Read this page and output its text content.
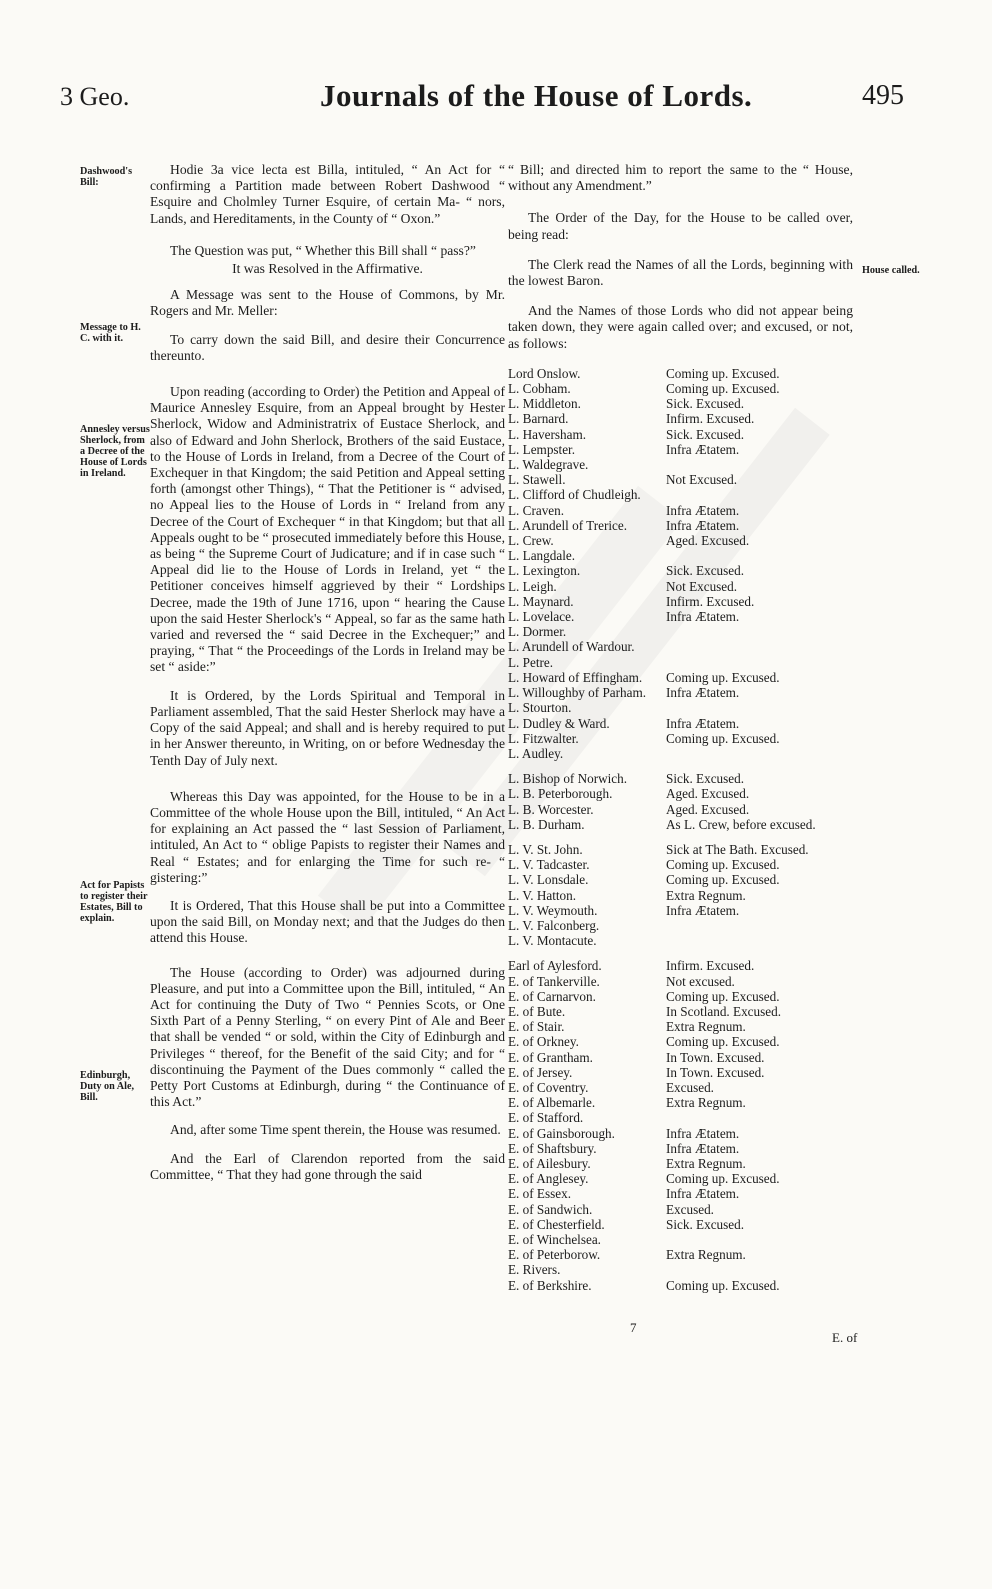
3 Geo.	Journals of the House of Lords.	495
Dashwood's Bill:
Message to H. C. with it.
Annesley versus Sherlock, from a Decree of the House of Lords in Ireland.
Act for Papists to register their Estates, Bill to explain.
Edinburgh, Duty on Ale, Bill.

Hodie 3a vice lecta est Billa, intituled, “ An Act for “ confirming a Partition made between Robert Dashwood “ Esquire and Cholmley Turner Esquire, of certain Ma- “ nors, Lands, and Hereditaments, in the County of “ Oxon.”

The Question was put, “ Whether this Bill shall “ pass?”

It was Resolved in the Affirmative.

A Message was sent to the House of Commons, by Mr. Rogers and Mr. Meller:

To carry down the said Bill, and desire their Concurrence thereunto.

Upon reading (according to Order) the Petition and Appeal of Maurice Annesley Esquire, from an Appeal brought by Hester Sherlock, Widow and Administratrix of Eustace Sherlock, and also of Edward and John Sherlock, Brothers of the said Eustace, to the House of Lords in Ireland, from a Decree of the Court of Exchequer in that Kingdom; the said Petition and Appeal setting forth (amongst other Things), “ That the Petitioner is “ advised, no Appeal lies to the House of Lords in “ Ireland from any Decree of the Court of Exchequer “ in that Kingdom; but that all Appeals ought to be “ prosecuted immediately before this House, as being “ the Supreme Court of Judicature; and if in case such “ Appeal did lie to the House of Lords in Ireland, yet “ the Petitioner conceives himself aggrieved by their “ Lordships Decree, made the 19th of June 1716, upon “ hearing the Cause upon the said Hester Sherlock's “ Appeal, so far as the same hath varied and reversed the “ said Decree in the Exchequer;” and praying, “ That “ the Proceedings of the Lords in Ireland may be set “ aside:”

It is Ordered, by the Lords Spiritual and Temporal in Parliament assembled, That the said Hester Sherlock may have a Copy of the said Appeal; and shall and is hereby required to put in her Answer thereunto, in Writing, on or before Wednesday the Tenth Day of July next.

Whereas this Day was appointed, for the House to be in a Committee of the whole House upon the Bill, intituled, “ An Act for explaining an Act passed the “ last Session of Parliament, intituled, An Act to “ oblige Papists to register their Names and Real “ Estates; and for enlarging the Time for such re- “ gistering:”

It is Ordered, That this House shall be put into a Committee upon the said Bill, on Monday next; and that the Judges do then attend this House.

The House (according to Order) was adjourned during Pleasure, and put into a Committee upon the Bill, intituled, “ An Act for continuing the Duty of Two “ Pennies Scots, or One Sixth Part of a Penny Sterling, “ on every Pint of Ale and Beer that shall be vended “ or sold, within the City of Edinburgh and Privileges “ thereof, for the Benefit of the said City; and for “ discontinuing the Payment of the Dues commonly “ called the Petty Port Customs at Edinburgh, during “ the Continuance of this Act.”

And, after some Time spent therein, the House was resumed.

And the Earl of Clarendon reported from the said Committee, “ That they had gone through the said

House called.

“ Bill; and directed him to report the same to the “ House, without any Amendment.”

The Order of the Day, for the House to be called over, being read:

The Clerk read the Names of all the Lords, beginning with the lowest Baron.

And the Names of those Lords who did not appear being taken down, they were again called over; and excused, or not, as follows:

Lord Onslow.	Coming up. Excused.
L. Cobham.	Coming up. Excused.
L. Middleton.	Sick. Excused.
L. Barnard.	Infirm. Excused.
L. Haversham.	Sick. Excused.
L. Lempster.	Infra Ætatem.
L. Waldegrave.	
L. Stawell.	Not Excused.
L. Clifford of Chudleigh.	
L. Craven.	Infra Ætatem.
L. Arundell of Trerice.	Infra Ætatem.
L. Crew.	Aged. Excused.
L. Langdale.	
L. Lexington.	Sick. Excused.
L. Leigh.	Not Excused.
L. Maynard.	Infirm. Excused.
L. Lovelace.	Infra Ætatem.
L. Dormer.	
L. Arundell of Wardour.	
L. Petre.	
L. Howard of Effingham.	Coming up. Excused.
L. Willoughby of Parham.	Infra Ætatem.
L. Stourton.	
L. Dudley & Ward.	Infra Ætatem.
L. Fitzwalter.	Coming up. Excused.
L. Audley.	

L. Bishop of Norwich.	Sick. Excused.
L. B. Peterborough.	Aged. Excused.
L. B. Worcester.	Aged. Excused.
L. B. Durham.	As L. Crew, before excused.

L. V. St. John.	Sick at The Bath. Excused.
L. V. Tadcaster.	Coming up. Excused.
L. V. Lonsdale.	Coming up. Excused.
L. V. Hatton.	Extra Regnum.
L. V. Weymouth.	Infra Ætatem.
L. V. Falconberg.	
L. V. Montacute.	

Earl of Aylesford.	Infirm. Excused.
E. of Tankerville.	Not excused.
E. of Carnarvon.	Coming up. Excused.
E. of Bute.	In Scotland. Excused.
E. of Stair.	Extra Regnum.
E. of Orkney.	Coming up. Excused.
E. of Grantham.	In Town. Excused.
E. of Jersey.	In Town. Excused.
E. of Coventry.	Excused.
E. of Albemarle.	Extra Regnum.
E. of Stafford.	
E. of Gainsborough.	Infra Ætatem.
E. of Shaftsbury.	Infra Ætatem.
E. of Ailesbury.	Extra Regnum.
E. of Anglesey.	Coming up. Excused.
E. of Essex.	Infra Ætatem.
E. of Sandwich.	Excused.
E. of Chesterfield.	Sick. Excused.
E. of Winchelsea.	
E. of Peterborow.	Extra Regnum.
E. Rivers.	
E. of Berkshire.	Coming up. Excused.
7
E. of
